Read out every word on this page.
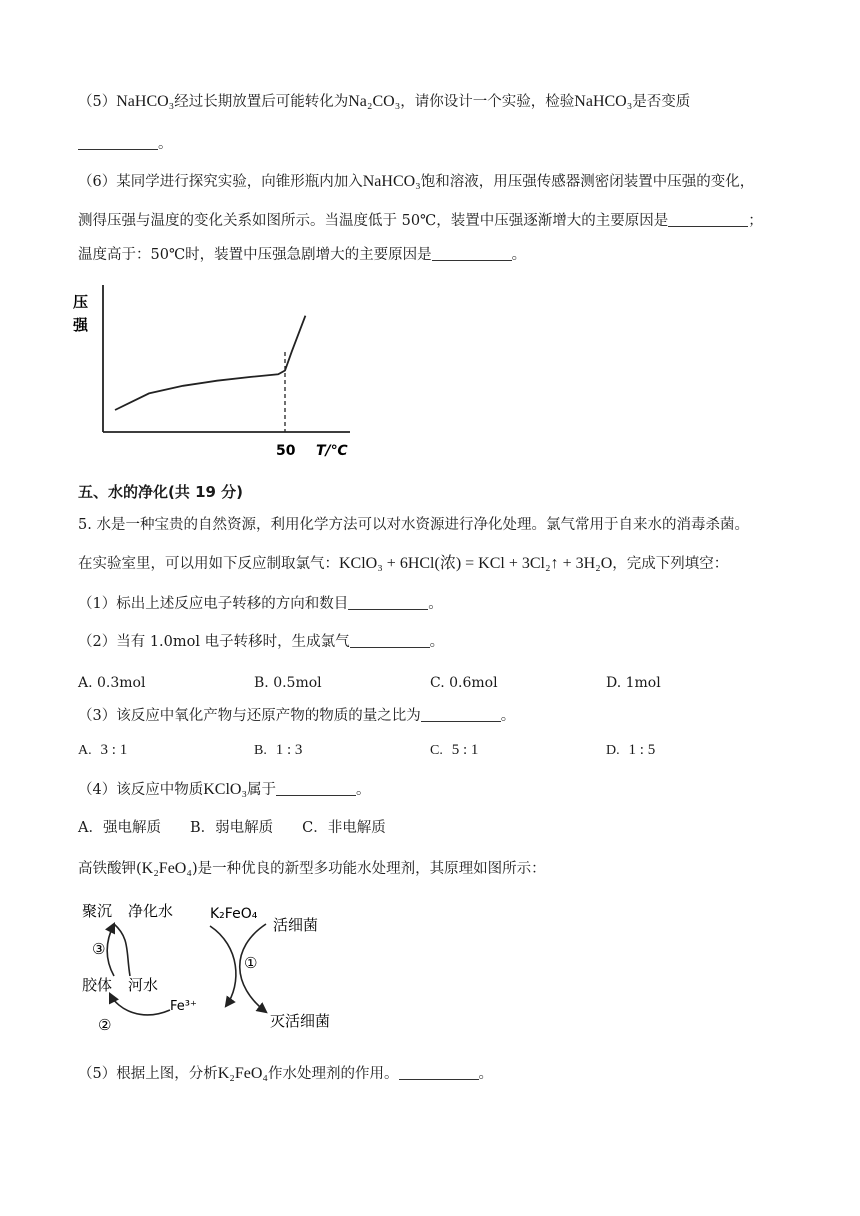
（5）NaHCO₃经过长期放置后可能转化为Na₂CO₃，请你设计一个实验，检验NaHCO₃是否变质
。
（6）某同学进行探究实验，向锥形瓶内加入NaHCO₃饱和溶液，用压强传感器测密闭装置中压强的变化，
测得压强与温度的变化关系如图所示。当温度低于 50℃，装置中压强逐渐增大的主要原因是	；
温度高于：50℃时，装置中压强急剧增大的主要原因是	。
压
强
50 T/℃
五、水的净化(共 19 分)
5. 水是一种宝贵的自然资源，利用化学方法可以对水资源进行净化处理。氯气常用于自来水的消毒杀菌。
在实验室里，可以用如下反应制取氯气：KClO₃ + 6HCl(浓) = KCl + 3Cl₂↑ + 3H₂O，完成下列填空：
（1）标出上述反应电子转移的方向和数目	。
（2）当有 1.0mol 电子转移时，生成氯气	。
A. 0.3mol	B. 0.5mol	C. 0.6mol	D. 1mol
（3）该反应中氧化产物与还原产物的物质的量之比为	。
A. 3 : 1	B. 1 : 3	C. 5 : 1	D. 1 : 5
（4）该反应中物质KClO₃属于	。
A．强电解质　　B．弱电解质　　C．非电解质
高铁酸钾(K₂FeO₄)是一种优良的新型多功能水处理剂，其原理如图所示：
聚沉 净化水	K₂FeO₄
活细菌
③
①
胶体 河水
Fe³⁺
②	灭活细菌
（5）根据上图，分析K₂FeO₄作水处理剂的作用。	。
